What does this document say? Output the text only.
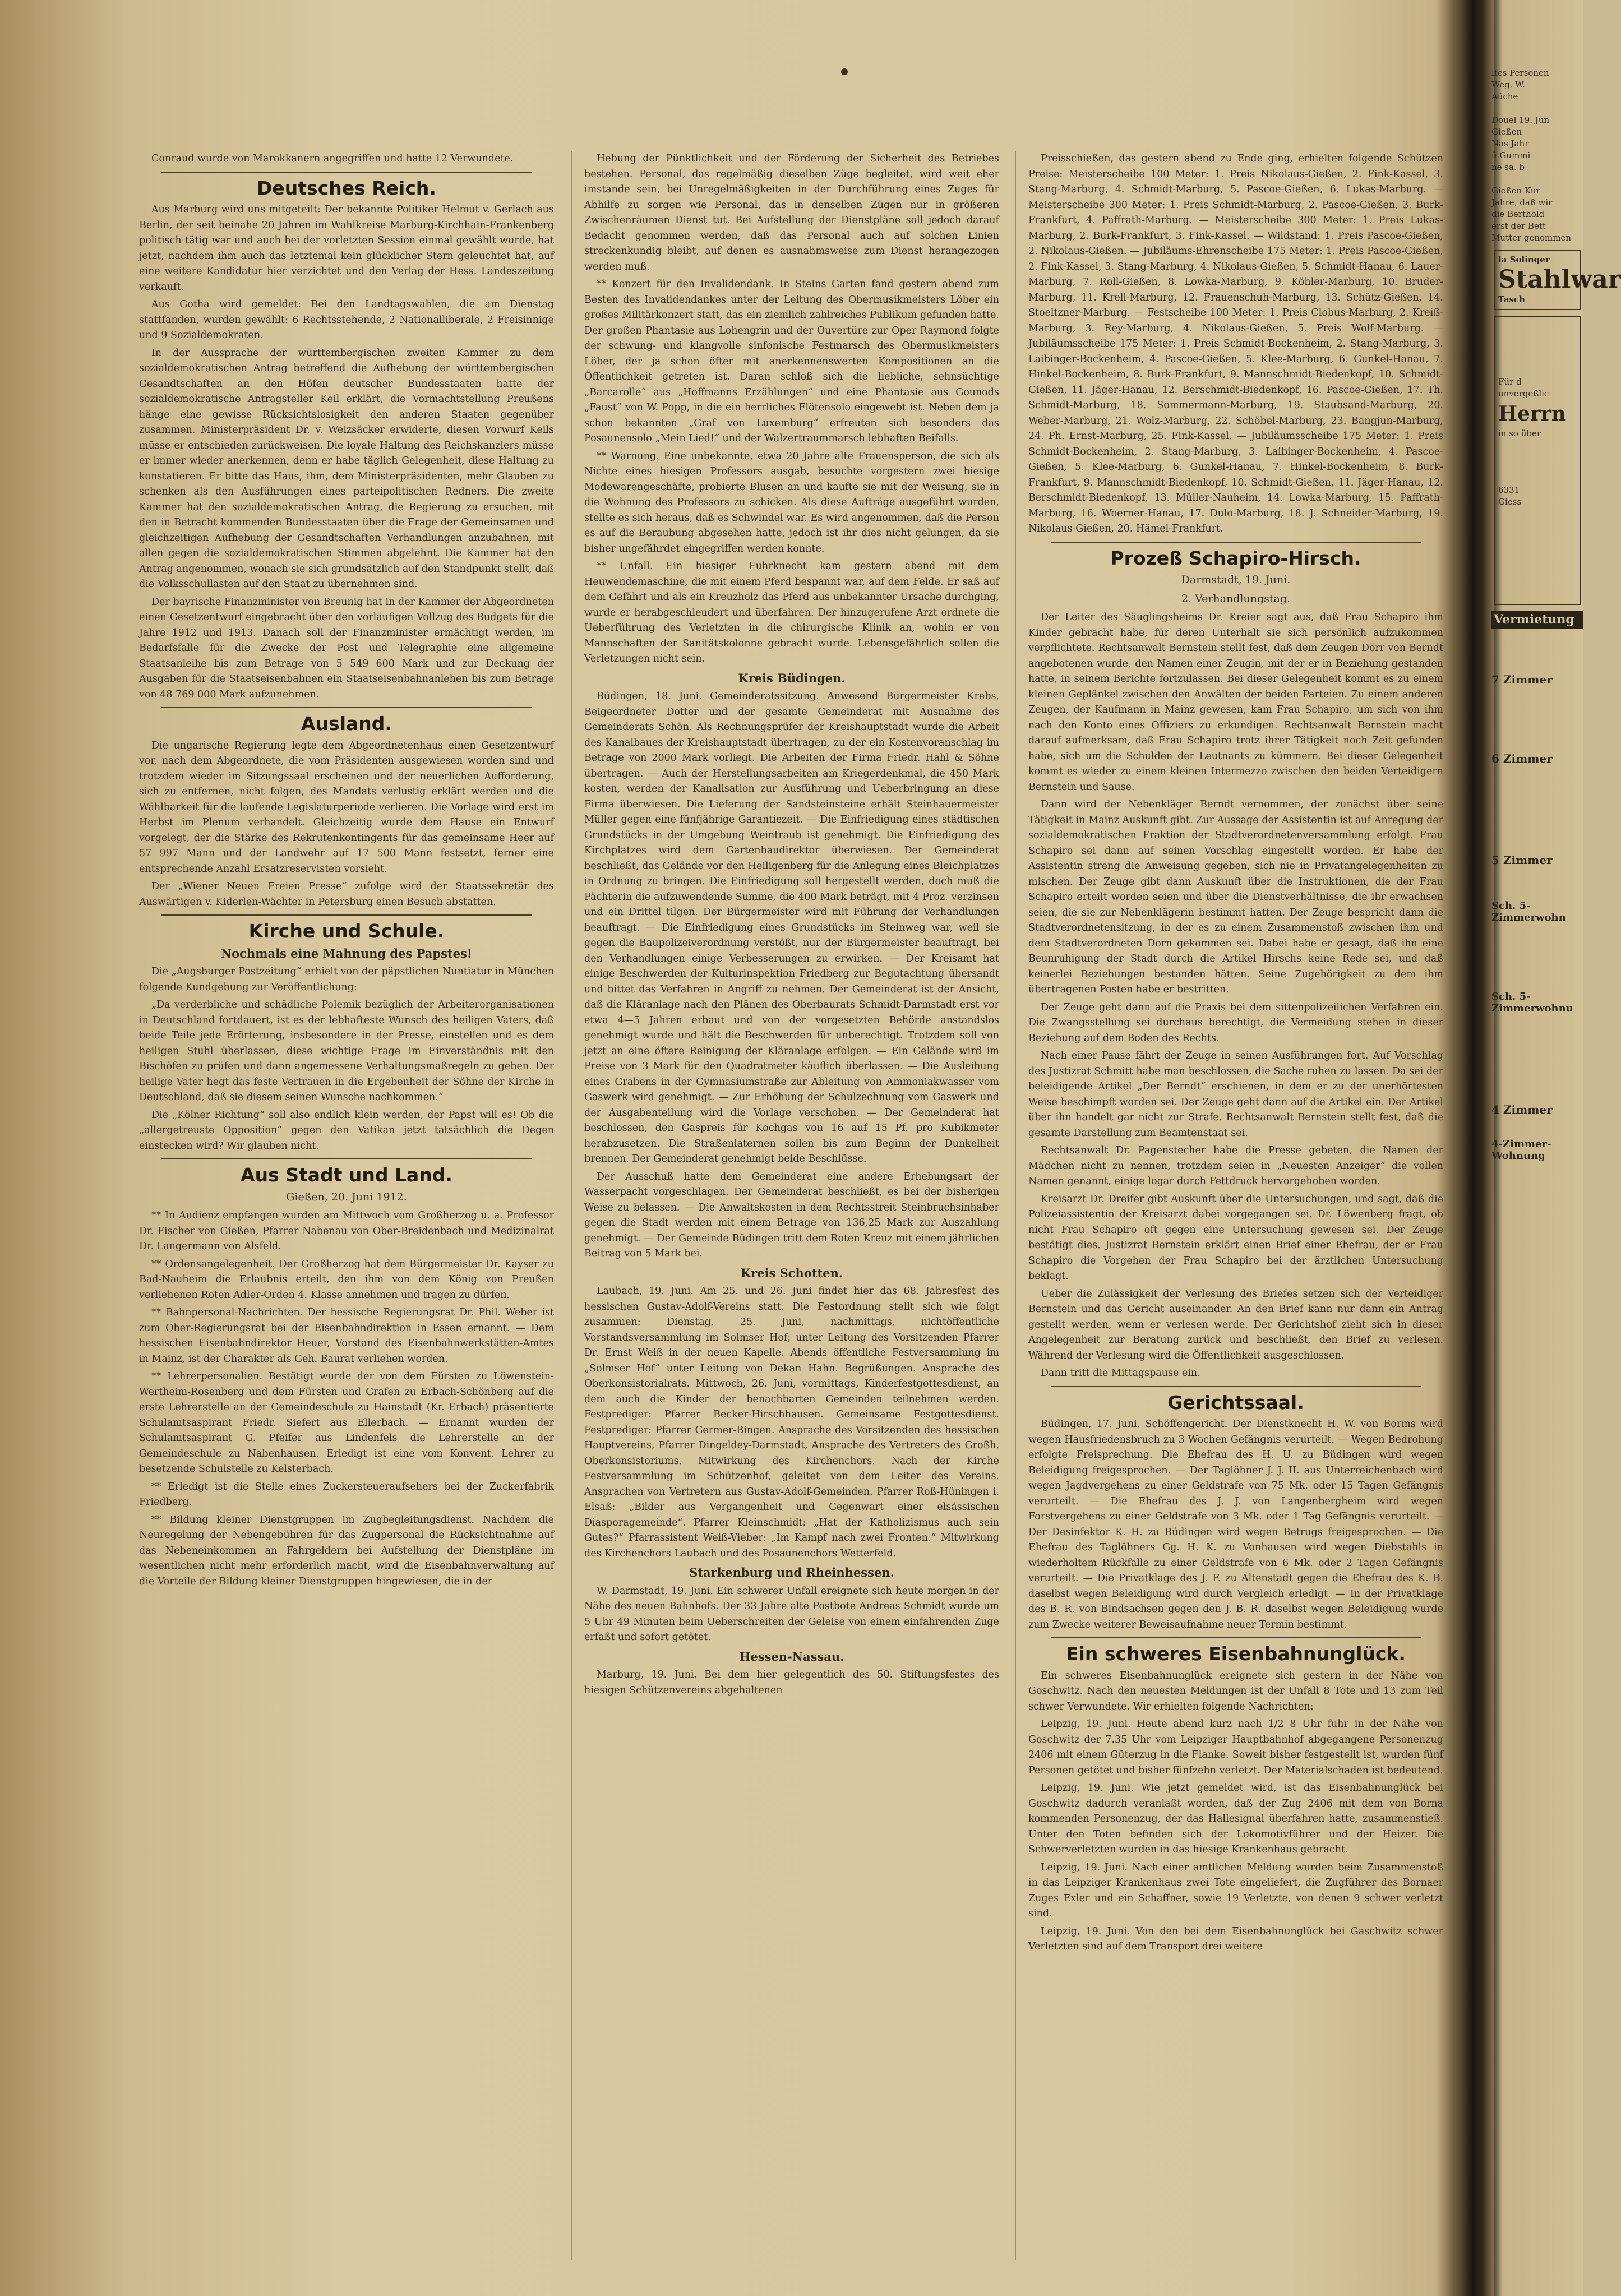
Conraud wurde von Marokkanern angegriffen und hatte 12 Verwundete.

Deutsches Reich.

Aus Marburg wird uns mitgeteilt: Der bekannte Politiker Helmut v. Gerlach aus Berlin, der seit beinahe 20 Jahren im Wahlkreise Marburg-Kirchhain-Frankenberg politisch tätig war und auch bei der vorletzten Session einmal gewählt wurde, hat jetzt, nachdem ihm auch das letztemal kein glücklicher Stern geleuchtet hat, auf eine weitere Kandidatur hier verzichtet und den Verlag der Hess. Landeszeitung verkauft.

Aus Gotha wird gemeldet: Bei den Landtagswahlen, die am Dienstag stattfanden, wurden gewählt: 6 Rechtsstehende, 2 Nationalliberale, 2 Freisinnige und 9 Sozialdemokraten.

In der Aussprache der württembergischen zweiten Kammer zu dem sozialdemokratischen Antrag betreffend die Aufhebung der württembergischen Gesandtschaften an den Höfen deutscher Bundesstaaten hatte der sozialdemokratische Antragsteller Keil erklärt, die Vormachtstellung Preußens hänge eine gewisse Rücksichtslosigkeit den anderen Staaten gegenüber zusammen. Ministerpräsident Dr. v. Weizsäcker erwiderte, diesen Vorwurf Keils müsse er entschieden zurückweisen. Die loyale Haltung des Reichskanzlers müsse er immer wieder anerkennen, denn er habe täglich Gelegenheit, diese Haltung zu konstatieren. Er bitte das Haus, ihm, dem Ministerpräsidenten, mehr Glauben zu schenken als den Ausführungen eines parteipolitischen Redners. Die zweite Kammer hat den sozialdemokratischen Antrag, die Regierung zu ersuchen, mit den in Betracht kommenden Bundesstaaten über die Frage der Gemeinsamen und gleichzeitigen Aufhebung der Gesandtschaften Verhandlungen anzubahnen, mit allen gegen die sozialdemokratischen Stimmen abgelehnt. Die Kammer hat den Antrag angenommen, wonach sie sich grundsätzlich auf den Standpunkt stellt, daß die Volksschullasten auf den Staat zu übernehmen sind.

Der bayrische Finanzminister von Breunig hat in der Kammer der Abgeordneten einen Gesetzentwurf eingebracht über den vorläufigen Vollzug des Budgets für die Jahre 1912 und 1913. Danach soll der Finanzminister ermächtigt werden, im Bedarfsfalle für die Zwecke der Post und Telegraphie eine allgemeine Staatsanleihe bis zum Betrage von 5 549 600 Mark und zur Deckung der Ausgaben für die Staatseisenbahnen ein Staatseisenbahnanlehen bis zum Betrage von 48 769 000 Mark aufzunehmen.

Ausland.

Die ungarische Regierung legte dem Abgeordnetenhaus einen Gesetzentwurf vor, nach dem Abgeordnete, die vom Präsidenten ausgewiesen worden sind und trotzdem wieder im Sitzungssaal erscheinen und der neuerlichen Aufforderung, sich zu entfernen, nicht folgen, des Mandats verlustig erklärt werden und die Wählbarkeit für die laufende Legislaturperiode verlieren. Die Vorlage wird erst im Herbst im Plenum verhandelt. Gleichzeitig wurde dem Hause ein Entwurf vorgelegt, der die Stärke des Rekrutenkontingents für das gemeinsame Heer auf 57 997 Mann und der Landwehr auf 17 500 Mann festsetzt, ferner eine entsprechende Anzahl Ersatzreservisten vorsieht.

Der „Wiener Neuen Freien Presse“ zufolge wird der Staatssekretär des Auswärtigen v. Kiderlen-Wächter in Petersburg einen Besuch abstatten.

Kirche und Schule.
Nochmals eine Mahnung des Papstes!

Die „Augsburger Postzeitung“ erhielt von der päpstlichen Nuntiatur in München folgende Kundgebung zur Veröffentlichung:

„Da verderbliche und schädliche Polemik bezüglich der Arbeiterorganisationen in Deutschland fortdauert, ist es der lebhafteste Wunsch des heiligen Vaters, daß beide Teile jede Erörterung, insbesondere in der Presse, einstellen und es dem heiligen Stuhl überlassen, diese wichtige Frage im Einverständnis mit den Bischöfen zu prüfen und dann angemessene Verhaltungsmaßregeln zu geben. Der heilige Vater hegt das feste Vertrauen in die Ergebenheit der Söhne der Kirche in Deutschland, daß sie diesem seinen Wunsche nachkommen.“

Die „Kölner Richtung“ soll also endlich klein werden, der Papst will es! Ob die „allergetreuste Opposition“ gegen den Vatikan jetzt tatsächlich die Degen einstecken wird? Wir glauben nicht.

Aus Stadt und Land.
Gießen, 20. Juni 1912.

** In Audienz empfangen wurden am Mittwoch vom Großherzog u. a. Professor Dr. Fischer von Gießen, Pfarrer Nabenau von Ober-Breidenbach und Medizinalrat Dr. Langermann von Alsfeld.

** Ordensangelegenheit. Der Großherzog hat dem Bürgermeister Dr. Kayser zu Bad-Nauheim die Erlaubnis erteilt, den ihm von dem König von Preußen verliehenen Roten Adler-Orden 4. Klasse annehmen und tragen zu dürfen.

** Bahnpersonal-Nachrichten. Der hessische Regierungsrat Dr. Phil. Weber ist zum Ober-Regierungsrat bei der Eisenbahndirektion in Essen ernannt. — Dem hessischen Eisenbahndirektor Heuer, Vorstand des Eisenbahnwerkstätten-Amtes in Mainz, ist der Charakter als Geh. Baurat verliehen worden.

** Lehrerpersonalien. Bestätigt wurde der von dem Fürsten zu Löwenstein-Wertheim-Rosenberg und dem Fürsten und Grafen zu Erbach-Schönberg auf die erste Lehrerstelle an der Gemeindeschule zu Hainstadt (Kr. Erbach) präsentierte Schulamtsaspirant Friedr. Siefert aus Ellerbach. — Ernannt wurden der Schulamtsaspirant G. Pfeifer aus Lindenfels die Lehrerstelle an der Gemeindeschule zu Nabenhausen. Erledigt ist eine vom Konvent. Lehrer zu besetzende Schulstelle zu Kelsterbach.

** Erledigt ist die Stelle eines Zuckersteueraufsehers bei der Zuckerfabrik Friedberg.

** Bildung kleiner Dienstgruppen im Zugbegleitungsdienst. Nachdem die Neuregelung der Nebengebühren für das Zugpersonal die Rücksichtnahme auf das Nebeneinkommen an Fahrgeldern bei Aufstellung der Dienstpläne im wesentlichen nicht mehr erforderlich macht, wird die Eisenbahnverwaltung auf die Vorteile der Bildung kleiner Dienstgruppen hingewiesen, die in der

Hebung der Pünktlichkeit und der Förderung der Sicherheit des Betriebes bestehen. Personal, das regelmäßig dieselben Züge begleitet, wird weit eher imstande sein, bei Unregelmäßigkeiten in der Durchführung eines Zuges für Abhilfe zu sorgen wie Personal, das in denselben Zügen nur in größeren Zwischenräumen Dienst tut. Bei Aufstellung der Dienstpläne soll jedoch darauf Bedacht genommen werden, daß das Personal auch auf solchen Linien streckenkundig bleibt, auf denen es ausnahmsweise zum Dienst herangezogen werden muß.

** Konzert für den Invalidendank. In Steins Garten fand gestern abend zum Besten des Invalidendankes unter der Leitung des Obermusikmeisters Löber ein großes Militärkonzert statt, das ein ziemlich zahlreiches Publikum gefunden hatte. Der großen Phantasie aus Lohengrin und der Ouvertüre zur Oper Raymond folgte der schwung- und klangvolle sinfonische Festmarsch des Obermusikmeisters Löber, der ja schon öfter mit anerkennenswerten Kompositionen an die Öffentlichkeit getreten ist. Daran schloß sich die liebliche, sehnsüchtige „Barcarolle“ aus „Hoffmanns Erzählungen“ und eine Phantasie aus Gounods „Faust“ von W. Popp, in die ein herrliches Flötensolo eingewebt ist. Neben dem ja schon bekannten „Graf von Luxemburg“ erfreuten sich besonders das Posaunensolo „Mein Lied!“ und der Walzertraummarsch lebhaften Beifalls.

** Warnung. Eine unbekannte, etwa 20 Jahre alte Frauensperson, die sich als Nichte eines hiesigen Professors ausgab, besuchte vorgestern zwei hiesige Modewarengeschäfte, probierte Blusen an und kaufte sie mit der Weisung, sie in die Wohnung des Professors zu schicken. Als diese Aufträge ausgeführt wurden, stellte es sich heraus, daß es Schwindel war. Es wird angenommen, daß die Person es auf die Beraubung abgesehen hatte, jedoch ist ihr dies nicht gelungen, da sie bisher ungefährdet eingegriffen werden konnte.

** Unfall. Ein hiesiger Fuhrknecht kam gestern abend mit dem Heuwendemaschine, die mit einem Pferd bespannt war, auf dem Felde. Er saß auf dem Gefährt und als ein Kreuzholz das Pferd aus unbekannter Ursache durchging, wurde er herabgeschleudert und überfahren. Der hinzugerufene Arzt ordnete die Ueberführung des Verletzten in die chirurgische Klinik an, wohin er von Mannschaften der Sanitätskolonne gebracht wurde. Lebensgefährlich sollen die Verletzungen nicht sein.

Kreis Büdingen.

Büdingen, 18. Juni. Gemeinderatssitzung. Anwesend Bürgermeister Krebs, Beigeordneter Dotter und der gesamte Gemeinderat mit Ausnahme des Gemeinderats Schön. Als Rechnungsprüfer der Kreishauptstadt wurde die Arbeit des Kanalbaues der Kreishauptstadt übertragen, zu der ein Kostenvoranschlag im Betrage von 2000 Mark vorliegt. Die Arbeiten der Firma Friedr. Hahl & Söhne übertragen. — Auch der Herstellungsarbeiten am Kriegerdenkmal, die 450 Mark kosten, werden der Kanalisation zur Ausführung und Ueberbringung an diese Firma überwiesen. Die Lieferung der Sandsteinsteine erhält Steinhauermeister Müller gegen eine fünfjährige Garantiezeit. — Die Einfriedigung eines städtischen Grundstücks in der Umgebung Weintraub ist genehmigt. Die Einfriedigung des Kirchplatzes wird dem Gartenbaudirektor überwiesen. Der Gemeinderat beschließt, das Gelände vor den Heiligenberg für die Anlegung eines Bleichplatzes in Ordnung zu bringen. Die Einfriedigung soll hergestellt werden, doch muß die Pächterin die aufzuwendende Summe, die 400 Mark beträgt, mit 4 Proz. verzinsen und ein Drittel tilgen. Der Bürgermeister wird mit Führung der Verhandlungen beauftragt. — Die Einfriedigung eines Grundstücks im Steinweg war, weil sie gegen die Baupolizeiverordnung verstößt, nur der Bürgermeister beauftragt, bei den Verhandlungen einige Verbesserungen zu erwirken. — Der Kreisamt hat einige Beschwerden der Kulturinspektion Friedberg zur Begutachtung übersandt und bittet das Verfahren in Angriff zu nehmen. Der Gemeinderat ist der Ansicht, daß die Kläranlage nach den Plänen des Oberbaurats Schmidt-Darmstadt erst vor etwa 4—5 Jahren erbaut und von der vorgesetzten Behörde anstandslos genehmigt wurde und hält die Beschwerden für unberechtigt. Trotzdem soll von jetzt an eine öftere Reinigung der Kläranlage erfolgen. — Ein Gelände wird im Preise von 3 Mark für den Quadratmeter käuflich überlassen. — Die Ausleihung eines Grabens in der Gymnasiumstraße zur Ableitung von Ammoniakwasser vom Gaswerk wird genehmigt. — Zur Erhöhung der Schulzechnung vom Gaswerk und der Ausgabenteilung wird die Vorlage verschoben. — Der Gemeinderat hat beschlossen, den Gaspreis für Kochgas von 16 auf 15 Pf. pro Kubikmeter herabzusetzen. Die Straßenlaternen sollen bis zum Beginn der Dunkelheit brennen. Der Gemeinderat genehmigt beide Beschlüsse.

Der Ausschuß hatte dem Gemeinderat eine andere Erhebungsart der Wasserpacht vorgeschlagen. Der Gemeinderat beschließt, es bei der bisherigen Weise zu belassen. — Die Anwaltskosten in dem Rechtsstreit Steinbruchsinhaber gegen die Stadt werden mit einem Betrage von 136,25 Mark zur Auszahlung genehmigt. — Der Gemeinde Büdingen tritt dem Roten Kreuz mit einem jährlichen Beitrag von 5 Mark bei.

Kreis Schotten.

Laubach, 19. Juni. Am 25. und 26. Juni findet hier das 68. Jahresfest des hessischen Gustav-Adolf-Vereins statt. Die Festordnung stellt sich wie folgt zusammen: Dienstag, 25. Juni, nachmittags, nichtöffentliche Vorstandsversammlung im Solmser Hof; unter Leitung des Vorsitzenden Pfarrer Dr. Ernst Weiß in der neuen Kapelle. Abends öffentliche Festversammlung im „Solmser Hof“ unter Leitung von Dekan Hahn. Begrüßungen. Ansprache des Oberkonsistorialrats. Mittwoch, 26. Juni, vormittags, Kinderfestgottesdienst, an dem auch die Kinder der benachbarten Gemeinden teilnehmen werden. Festprediger: Pfarrer Becker-Hirschhausen. Gemeinsame Festgottesdienst. Festprediger: Pfarrer Germer-Bingen. Ansprache des Vorsitzenden des hessischen Hauptvereins, Pfarrer Dingeldey-Darmstadt, Ansprache des Vertreters des Großh. Oberkonsistoriums. Mitwirkung des Kirchenchors. Nach der Kirche Festversammlung im Schützenhof, geleitet von dem Leiter des Vereins. Ansprachen von Vertretern aus Gustav-Adolf-Gemeinden. Pfarrer Roß-Hüningen i. Elsaß: „Bilder aus Vergangenheit und Gegenwart einer elsässischen Diasporagemeinde“. Pfarrer Kleinschmidt: „Hat der Katholizismus auch sein Gutes?“ Pfarrassistent Weiß-Vieber: „Im Kampf nach zwei Fronten.“ Mitwirkung des Kirchenchors Laubach und des Posaunenchors Wetterfeld.

Starkenburg und Rheinhessen.

W. Darmstadt, 19. Juni. Ein schwerer Unfall ereignete sich heute morgen in der Nähe des neuen Bahnhofs. Der 33 Jahre alte Postbote Andreas Schmidt wurde um 5 Uhr 49 Minuten beim Ueberschreiten der Geleise von einem einfahrenden Zuge erfaßt und sofort getötet.

Hessen-Nassau.

Marburg, 19. Juni. Bei dem hier gelegentlich des 50. Stiftungsfestes des hiesigen Schützenvereins abgehaltenen

Preisschießen, das gestern abend zu Ende ging, erhielten folgende Schützen Preise: Meisterscheibe 100 Meter: 1. Preis Nikolaus-Gießen, 2. Fink-Kassel, 3. Stang-Marburg, 4. Schmidt-Marburg, 5. Pascoe-Gießen, 6. Lukas-Marburg. — Meisterscheibe 300 Meter: 1. Preis Schmidt-Marburg, 2. Pascoe-Gießen, 3. Burk-Frankfurt, 4. Paffrath-Marburg. — Meisterscheibe 300 Meter: 1. Preis Lukas-Marburg, 2. Burk-Frankfurt, 3. Fink-Kassel. — Wildstand: 1. Preis Pascoe-Gießen, 2. Nikolaus-Gießen. — Jubiläums-Ehrenscheibe 175 Meter: 1. Preis Pascoe-Gießen, 2. Fink-Kassel, 3. Stang-Marburg, 4. Nikolaus-Gießen, 5. Schmidt-Hanau, 6. Lauer-Marburg, 7. Roll-Gießen, 8. Lowka-Marburg, 9. Köhler-Marburg, 10. Bruder-Marburg, 11. Krell-Marburg, 12. Frauenschuh-Marburg, 13. Schütz-Gießen, 14. Stoeltzner-Marburg. — Festscheibe 100 Meter: 1. Preis Clobus-Marburg, 2. Kreiß-Marburg, 3. Rey-Marburg, 4. Nikolaus-Gießen, 5. Preis Wolf-Marburg. — Jubiläumsscheibe 175 Meter: 1. Preis Schmidt-Bockenheim, 2. Stang-Marburg, 3. Laibinger-Bockenheim, 4. Pascoe-Gießen, 5. Klee-Marburg, 6. Gunkel-Hanau, 7. Hinkel-Bockenheim, 8. Burk-Frankfurt, 9. Mannschmidt-Biedenkopf, 10. Schmidt-Gießen, 11. Jäger-Hanau, 12. Berschmidt-Biedenkopf, 16. Pascoe-Gießen, 17. Th. Schmidt-Marburg, 18. Sommermann-Marburg, 19. Staubsand-Marburg, 20. Weber-Marburg, 21. Wolz-Marburg, 22. Schöbel-Marburg, 23. Bangjun-Marburg, 24. Ph. Ernst-Marburg, 25. Fink-Kassel. — Jubiläumsscheibe 175 Meter: 1. Preis Schmidt-Bockenheim, 2. Stang-Marburg, 3. Laibinger-Bockenheim, 4. Pascoe-Gießen, 5. Klee-Marburg, 6. Gunkel-Hanau, 7. Hinkel-Bockenheim, 8. Burk-Frankfurt, 9. Mannschmidt-Biedenkopf, 10. Schmidt-Gießen, 11. Jäger-Hanau, 12. Berschmidt-Biedenkopf, 13. Müller-Nauheim, 14. Lowka-Marburg, 15. Paffrath-Marburg, 16. Woerner-Hanau, 17. Dulo-Marburg, 18. J. Schneider-Marburg, 19. Nikolaus-Gießen, 20. Hämel-Frankfurt.

Prozeß Schapiro-Hirsch.
Darmstadt, 19. Juni.
2. Verhandlungstag.

Der Leiter des Säuglingsheims Dr. Kreier sagt aus, daß Frau Schapiro ihm Kinder gebracht habe, für deren Unterhalt sie sich persönlich aufzukommen verpflichtete. Rechtsanwalt Bernstein stellt fest, daß dem Zeugen Dörr von Berndt angebotenen wurde, den Namen einer Zeugin, mit der er in Beziehung gestanden hatte, in seinem Berichte fortzulassen. Bei dieser Gelegenheit kommt es zu einem kleinen Geplänkel zwischen den Anwälten der beiden Parteien. Zu einem anderen Zeugen, der Kaufmann in Mainz gewesen, kam Frau Schapiro, um sich von ihm nach den Konto eines Offiziers zu erkundigen. Rechtsanwalt Bernstein macht darauf aufmerksam, daß Frau Schapiro trotz ihrer Tätigkeit noch Zeit gefunden habe, sich um die Schulden der Leutnants zu kümmern. Bei dieser Gelegenheit kommt es wieder zu einem kleinen Intermezzo zwischen den beiden Verteidigern Bernstein und Sause.

Dann wird der Nebenkläger Berndt vernommen, der zunächst über seine Tätigkeit in Mainz Auskunft gibt. Zur Aussage der Assistentin ist auf Anregung der sozialdemokratischen Fraktion der Stadtverordnetenversammlung erfolgt. Frau Schapiro sei dann auf seinen Vorschlag eingestellt worden. Er habe der Assistentin streng die Anweisung gegeben, sich nie in Privatangelegenheiten zu mischen. Der Zeuge gibt dann Auskunft über die Instruktionen, die der Frau Schapiro erteilt worden seien und über die Dienstverhältnisse, die ihr erwachsen seien, die sie zur Nebenklägerin bestimmt hatten. Der Zeuge bespricht dann die Stadtverordnetensitzung, in der es zu einem Zusammenstoß zwischen ihm und dem Stadtverordneten Dorn gekommen sei. Dabei habe er gesagt, daß ihn eine Beunruhigung der Stadt durch die Artikel Hirschs keine Rede sei, und daß keinerlei Beziehungen bestanden hätten. Seine Zugehörigkeit zu dem ihm übertragenen Posten habe er bestritten.

Der Zeuge geht dann auf die Praxis bei dem sittenpolizeilichen Verfahren ein. Die Zwangsstellung sei durchaus berechtigt, die Vermeidung stehen in dieser Beziehung auf dem Boden des Rechts.

Nach einer Pause fährt der Zeuge in seinen Ausführungen fort. Auf Vorschlag des Justizrat Schmitt habe man beschlossen, die Sache ruhen zu lassen. Da sei der beleidigende Artikel „Der Berndt“ erschienen, in dem er zu der unerhörtesten Weise beschimpft worden sei. Der Zeuge geht dann auf die Artikel ein. Der Artikel über ihn handelt gar nicht zur Strafe. Rechtsanwalt Bernstein stellt fest, daß die gesamte Darstellung zum Beamtenstaat sei.

Rechtsanwalt Dr. Pagenstecher habe die Presse gebeten, die Namen der Mädchen nicht zu nennen, trotzdem seien in „Neuesten Anzeiger“ die vollen Namen genannt, einige logar durch Fettdruck hervorgehoben worden.

Kreisarzt Dr. Dreifer gibt Auskunft über die Untersuchungen, und sagt, daß die Polizeiassistentin der Kreisarzt dabei vorgegangen sei. Dr. Löwenberg fragt, ob nicht Frau Schapiro oft gegen eine Untersuchung gewesen sei. Der Zeuge bestätigt dies. Justizrat Bernstein erklärt einen Brief einer Ehefrau, der er Frau Schapiro die Vorgehen der Frau Schapiro bei der ärztlichen Untersuchung beklagt.

Ueber die Zulässigkeit der Verlesung des Briefes setzen sich der Verteidiger Bernstein und das Gericht auseinander. An den Brief kann nur dann ein Antrag gestellt werden, wenn er verlesen werde. Der Gerichtshof zieht sich in dieser Angelegenheit zur Beratung zurück und beschließt, den Brief zu verlesen. Während der Verlesung wird die Öffentlichkeit ausgeschlossen.

Dann tritt die Mittagspause ein.

Gerichtssaal.

Büdingen, 17. Juni. Schöffengericht. Der Dienstknecht H. W. von Borms wird wegen Hausfriedensbruch zu 3 Wochen Gefängnis verurteilt. — Wegen Bedrohung erfolgte Freisprechung. Die Ehefrau des H. U. zu Büdingen wird wegen Beleidigung freigesprochen. — Der Taglöhner J. J. II. aus Unterreichenbach wird wegen Jagdvergehens zu einer Geldstrafe von 75 Mk. oder 15 Tagen Gefängnis verurteilt. — Die Ehefrau des J. J. von Langenbergheim wird wegen Forstvergehens zu einer Geldstrafe von 3 Mk. oder 1 Tag Gefängnis verurteilt. — Der Desinfektor K. H. zu Büdingen wird wegen Betrugs freigesprochen. — Die Ehefrau des Taglöhners Gg. H. K. zu Vonhausen wird wegen Diebstahls in wiederholtem Rückfalle zu einer Geldstrafe von 6 Mk. oder 2 Tagen Gefängnis verurteilt. — Die Privatklage des J. F. zu Altenstadt gegen die Ehefrau des K. B. daselbst wegen Beleidigung wird durch Vergleich erledigt. — In der Privatklage des B. R. von Bindsachsen gegen den J. B. R. daselbst wegen Beleidigung wurde zum Zwecke weiterer Beweisaufnahme neuer Termin bestimmt.

Ein schweres Eisenbahnunglück.

Ein schweres Eisenbahnunglück ereignete sich gestern in der Nähe von Goschwitz. Nach den neuesten Meldungen ist der Unfall 8 Tote und 13 zum Teil schwer Verwundete. Wir erhielten folgende Nachrichten:

Leipzig, 19. Juni. Heute abend kurz nach 1/2 8 Uhr fuhr in der Nähe von Goschwitz der 7.35 Uhr vom Leipziger Hauptbahnhof abgegangene Personenzug 2406 mit einem Güterzug in die Flanke. Soweit bisher festgestellt ist, wurden fünf Personen getötet und bisher fünfzehn verletzt. Der Materialschaden ist bedeutend.

Leipzig, 19. Juni. Wie jetzt gemeldet wird, ist das Eisenbahnunglück bei Goschwitz dadurch veranlaßt worden, daß der Zug 2406 mit dem von Borna kommenden Personenzug, der das Hallesignal überfahren hatte, zusammenstieß. Unter den Toten befinden sich der Lokomotivführer und der Heizer. Die Schwerverletzten wurden in das hiesige Krankenhaus gebracht.

Leipzig, 19. Juni. Nach einer amtlichen Meldung wurden beim Zusammenstoß in das Leipziger Krankenhaus zwei Tote eingeliefert, die Zugführer des Bornaer Zuges Exler und ein Schaffner, sowie 19 Verletzte, von denen 9 schwer verletzt sind.

Leipzig, 19. Juni. Von den bei dem Eisenbahnunglück bei Gaschwitz schwer Verletzten sind auf dem Transport drei weitere

ltes Personen
Weg. W.
Aüche

Douel 19. Jun
Gießen
Nas Jahr
ü Gummi
ne sa. b

Gießen Kur
Jahre, daß wir
die Berthold
erst der Bett
Mutter genommen
la Solinger
Stahlwar
Tasch
Für d
unvergeßlic
Herrn
in so über
6331
Giess
Vermietung
7 Zimmer
6 Zimmer
5 Zimmer
Sch. 5-Zimmerwohn
Sch. 5-Zimmerwohnu
4 Zimmer
4-Zimmer-Wohnung
